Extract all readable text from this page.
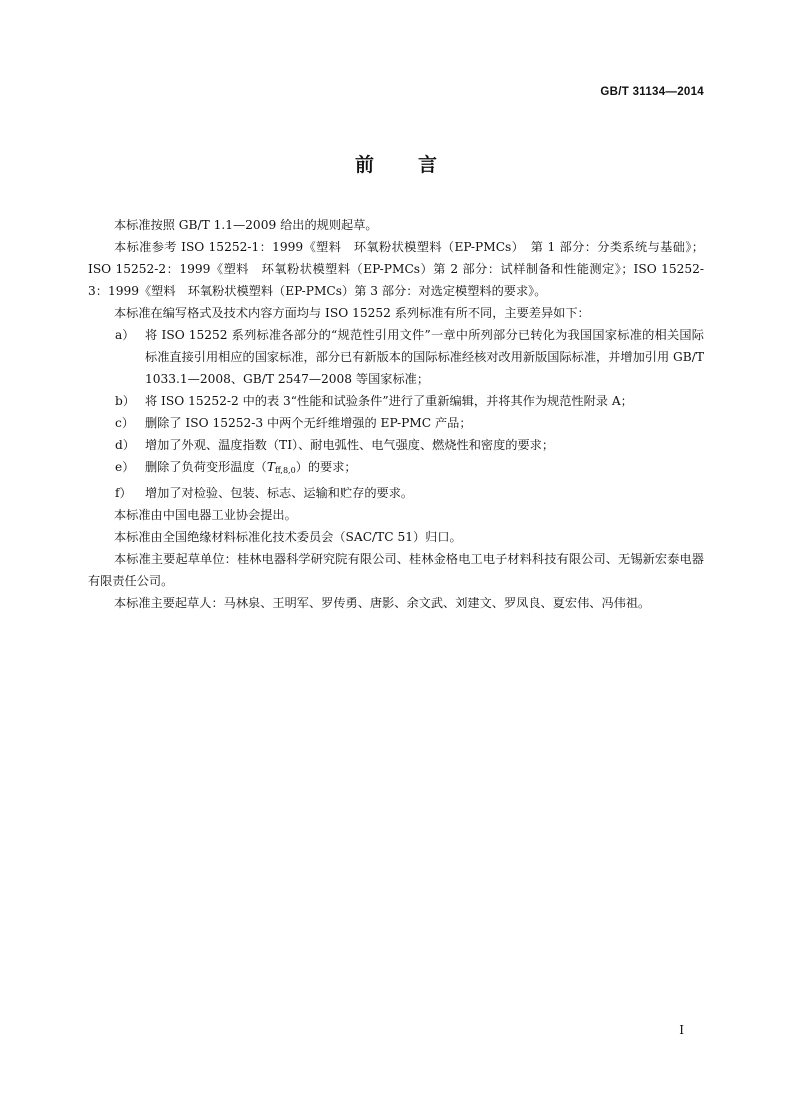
GB/T 31134—2014
前言

本标准按照 GB/T 1.1—2009 给出的规则起草。

本标准参考 ISO 15252-1：1999《塑料　环氧粉状模塑料（EP-PMCs）　第 1 部分：分类系统与基础》；ISO 15252-2：1999《塑料　环氧粉状模塑料（EP-PMCs）第 2 部分：试样制备和性能测定》；ISO 15252-3：1999《塑料　环氧粉状模塑料（EP-PMCs）第 3 部分：对选定模塑料的要求》。

本标准在编写格式及技术内容方面均与 ISO 15252 系列标准有所不同，主要差异如下：

a） 将 ISO 15252 系列标准各部分的“规范性引用文件”一章中所列部分已转化为我国国家标准的相关国际标准直接引用相应的国家标准，部分已有新版本的国际标准经核对改用新版国际标准，并增加引用 GB/T 1033.1—2008、GB/T 2547—2008 等国家标准；

b） 将 ISO 15252-2 中的表 3“性能和试验条件”进行了重新编辑，并将其作为规范性附录 A；

c） 删除了 ISO 15252-3 中两个无纤维增强的 EP-PMC 产品；

d） 增加了外观、温度指数（TI）、耐电弧性、电气强度、燃烧性和密度的要求；

e） 删除了负荷变形温度$(T_{ff,8,0})$的要求；

f） 增加了对检验、包装、标志、运输和贮存的要求。

本标准由中国电器工业协会提出。

本标准由全国绝缘材料标准化技术委员会（SAC/TC 51）归口。

本标准主要起草单位：桂林电器科学研究院有限公司、桂林金格电工电子材料科技有限公司、无锡新宏泰电器有限责任公司。

本标准主要起草人：马林泉、王明军、罗传勇、唐影、余文武、刘建文、罗凤良、夏宏伟、冯伟祖。

I
